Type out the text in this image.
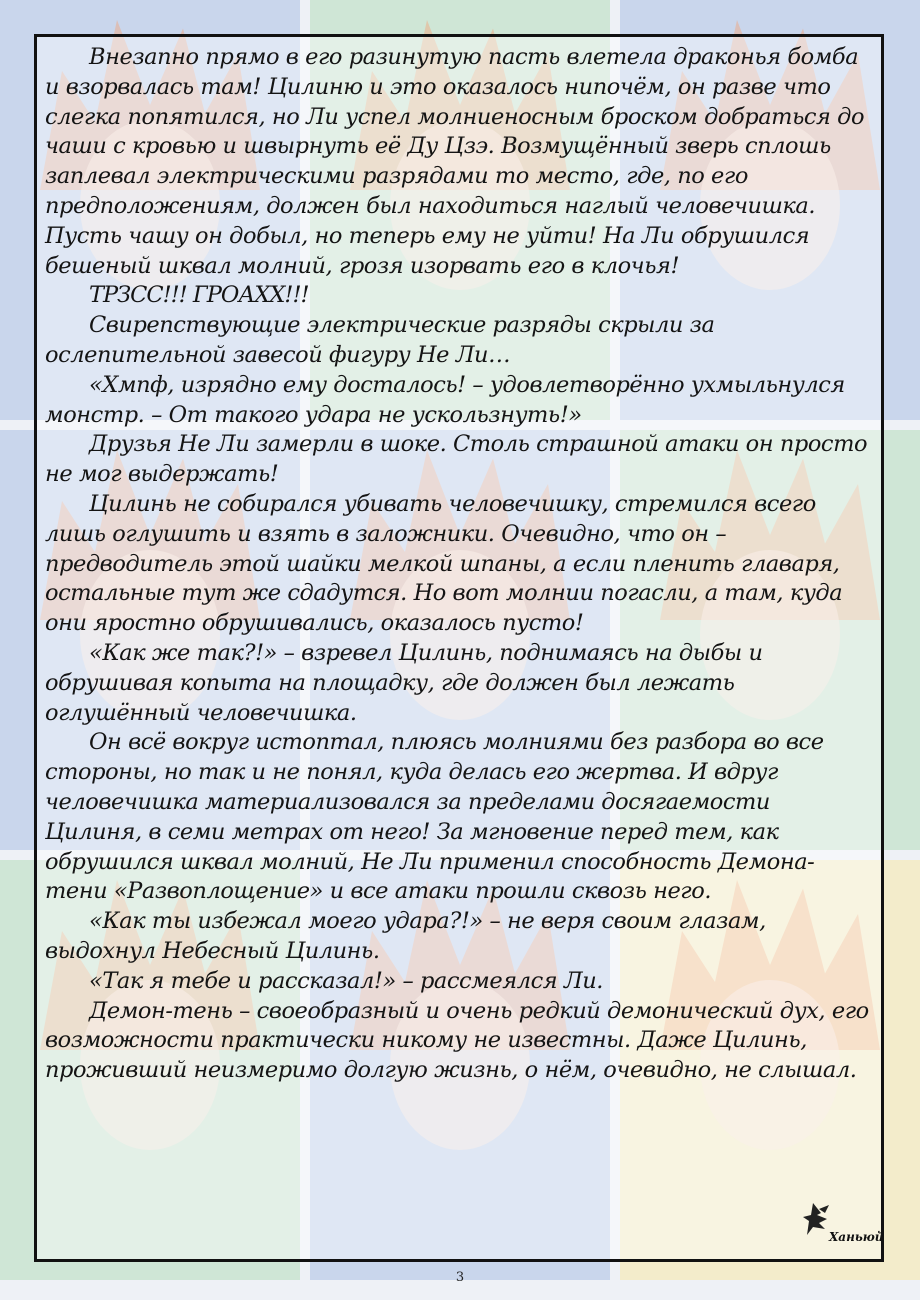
Внезапно прямо в его разинутую пасть влетела драконья бомба и взорвалась там! Цилиню и это оказалось нипочём, он разве что слегка попятился, но Ли успел молниеносным броском добраться до чаши с кровью и швырнуть её Ду Цзэ. Возмущённый зверь сплошь заплевал электрическими разрядами то место, где, по его предположениям, должен был находиться наглый человечишка. Пусть чашу он добыл, но теперь ему не уйти! На Ли обрушился бешеный шквал молний, грозя изорвать его в клочья!

ТРЗСС!!! ГРОАХХ!!!

Свирепствующие электрические разряды скрыли за ослепительной завесой фигуру Не Ли…

«Хмпф, изрядно ему досталось! – удовлетворённо ухмыльнулся монстр. – От такого удара не ускользнуть!»

Друзья Не Ли замерли в шоке. Столь страшной атаки он просто не мог выдержать!

Цилинь не собирался убивать человечишку, стремился всего лишь оглушить и взять в заложники. Очевидно, что он – предводитель этой шайки мелкой шпаны, а если пленить главаря, остальные тут же сдадутся. Но вот молнии погасли, а там, куда они яростно обрушивались, оказалось пусто!

«Как же так?!» – взревел Цилинь, поднимаясь на дыбы и обрушивая копыта на площадку, где должен был лежать оглушённый человечишка.

Он всё вокруг истоптал, плюясь молниями без разбора во все стороны, но так и не понял, куда делась его жертва. И вдруг человечишка материализовался за пределами досягаемости Цилиня, в семи метрах от него! За мгновение перед тем, как обрушился шквал молний, Не Ли применил способность Демона-тени «Развоплощение» и все атаки прошли сквозь него.

«Как ты избежал моего удара?!» – не веря своим глазам, выдохнул Небесный Цилинь.

«Так я тебе и рассказал!» – рассмеялся Ли.

Демон-тень – своеобразный и очень редкий демонический дух, его возможности практически никому не известны. Даже Цилинь, проживший неизмеримо долгую жизнь, о нём, очевидно, не слышал.

Ханьюй
3
